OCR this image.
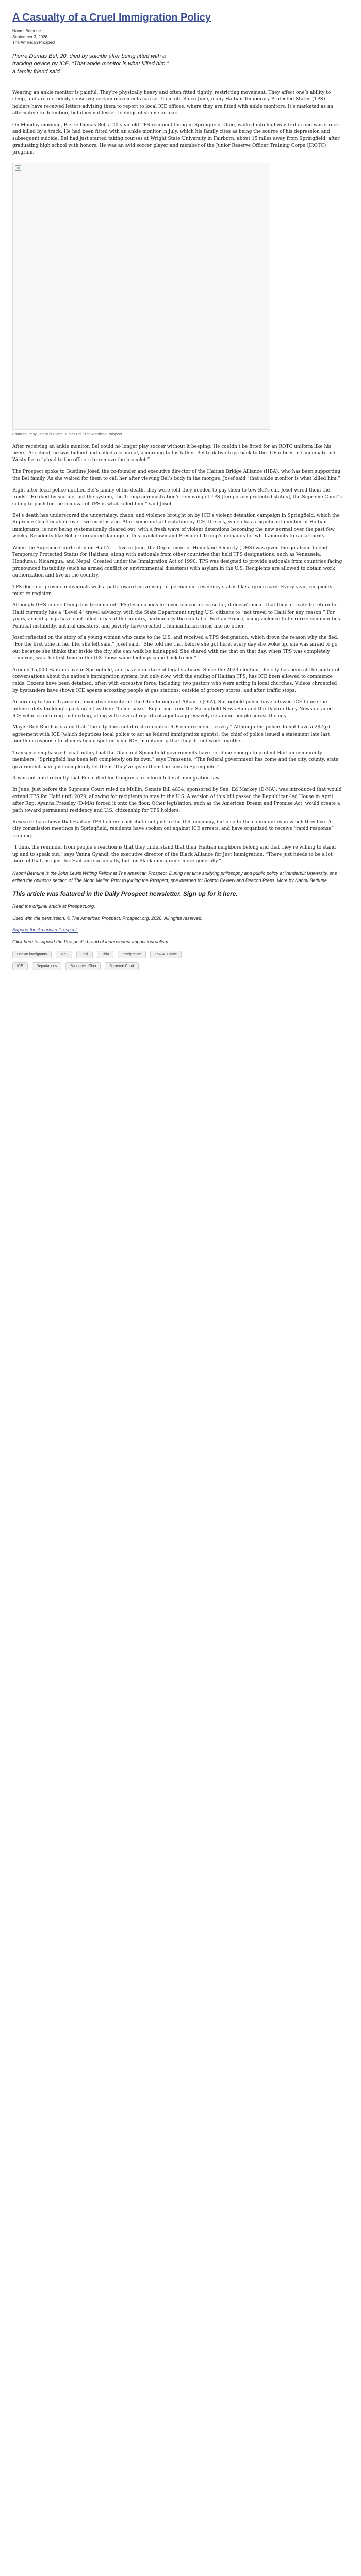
A Casualty of a Cruel Immigration Policy
Naomi Bethune
September 3, 2026
The American Prospect
Pierre Dumas Bel, 20, died by suicide after being fitted with a tracking device by ICE. “That ankle monitor is what killed him,” a family friend said.

Wearing an ankle monitor is painful. They’re physically heavy and often fitted tightly, restricting movement. They affect one’s ability to sleep, and are incredibly sensitive; certain movements can set them off. Since June, many Haitian Temporary Protected Status (TPS) holders have received letters advising them to report to local ICE offices, where they are fitted with ankle monitors. It’s marketed as an alternative to detention, but does not lessen feelings of shame or fear.

On Monday morning, Pierre Dumas Bel, a 20-year-old TPS recipient living in Springfield, Ohio, walked into highway traffic and was struck and killed by a truck. He had been fitted with an ankle monitor in July, which his family cites as being the source of his depression and subsequent suicide. Bel had just started taking courses at Wright State University in Fairborn, about 15 miles away from Springfield, after graduating high school with honors. He was an avid soccer player and member of the Junior Reserve Officer Training Corps (JROTC) program.

Photo courtesy Family of Pierre Dumas Bel / The American Prospect

After receiving an ankle monitor, Bel could no longer play soccer without it beeping. He couldn’t be fitted for an ROTC uniform like his peers. At school, he was bullied and called a criminal, according to his father. Bel took two trips back to the ICE offices in Cincinnati and Westville to “plead to the officers to remove the bracelet.”

The Prospect spoke to Gustline Josef, the co-founder and executive director of the Haitian Bridge Alliance (HBA), who has been supporting the Bel family. As she waited for them to call her after viewing Bel’s body in the morgue, Josef said “that ankle monitor is what killed him.”

Right after local police notified Bel’s family of his death, they were told they needed to pay them to tow Bel’s car. Josef wired them the funds. “He died by suicide, but the system, the Trump administration’s removing of TPS [temporary protected status], the Supreme Court’s siding to push for the removal of TPS is what killed him,” said Josef.

Bel’s death has underscored the uncertainty, chaos, and violence brought on by ICE’s violent detention campaign in Springfield, which the Supreme Court enabled over two months ago. After some initial hesitation by ICE, the city, which has a significant number of Haitian immigrants, is now being systematically cleared out, with a fresh wave of violent detentions becoming the new normal over the past few weeks. Residents like Bel are ordained damage in this crackdown and President Trump’s demands for what amounts to racial purity.

When the Supreme Court ruled on Haiti’s — five in June, the Department of Homeland Security (DHS) was given the go-ahead to end Temporary Protected Status for Haitians, along with nationals from other countries that held TPS designations, such as Venezuela, Honduras, Nicaragua, and Nepal. Created under the Immigration Act of 1990, TPS was designed to provide nationals from countries facing pronounced instability (such as armed conflict or environmental disasters) with asylum in the U.S. Recipients are allowed to obtain work authorization and live in the country.

TPS does not provide individuals with a path toward citizenship or permanent residency status like a green card. Every year, recipients must re-register.

Although DHS under Trump has terminated TPS designations for over ten countries so far, it doesn’t mean that they are safe to return to. Haiti currently has a “Level 4” travel advisory, with the State Department urging U.S. citizens to “not travel to Haiti for any reason.” For years, armed gangs have controlled areas of the country, particularly the capital of Port-au-Prince, using violence to terrorize communities. Political instability, natural disasters, and poverty have created a humanitarian crisis like no other.

Josef reflected on the story of a young woman who came to the U.S. and received a TPS designation, which drove the reason why she fled. “For the first time in her life, she felt safe,” Josef said. “She told me that before she got here, every day she woke up, she was afraid to go out because she thinks that inside the city she can walk be kidnapped. She shared with me that on that day, when TPS was completely removed, was the first time in the U.S. those same feelings came back to her.”

Around 15,000 Haitians live in Springfield, and have a mixture of legal statuses. Since the 2024 election, the city has been at the center of conversations about the nation’s immigration system, but only now, with the ending of Haitian TPS, has ICE been allowed to commence raids. Dozens have been detained, often with excessive force, including two pastors who were acting in local churches. Videos chronicled by bystanders have shown ICE agents accosting people at gas stations, outside of grocery stores, and after traffic stops.

According to Lynn Transente, executive director of the Ohio Immigrant Alliance (OIA), Springfield police have allowed ICE to use the public safety building’s parking lot as their “home base.” Reporting from the Springfield News-Sun and the Dayton Daily News detailed ICE vehicles entering and exiting, along with several reports of agents aggressively detaining people across the city.

Mayor Rob Rue has stated that “the city does not direct or control ICE enforcement activity.” Although the police do not have a 287(g) agreement with ICE (which deputizes local police to act as federal immigration agents), the chief of police issued a statement late last month in response to officers being spotted near ICE, maintaining that they do not work together.

Transente emphasized local outcry that the Ohio and Springfield governments have not done enough to protect Haitian community members. “Springfield has been left completely on its own,” says Transente. “The federal government has come and the city, county, state government have just completely let them. They’ve given them the keys to Springfield.”

It was not until recently that Rue called for Congress to reform federal immigration law.

In June, just before the Supreme Court ruled on Mullin, Senate Bill 4834, sponsored by Sen. Ed Markey (D-MA), was introduced that would extend TPS for Haiti until 2029, allowing for recipients to stay in the U.S. A version of this bill passed the Republican-led House in April after Rep. Ayanna Pressley (D-MA) forced it onto the floor. Other legislation, such as the American Dream and Promise Act, would create a path toward permanent residency and U.S. citizenship for TPS holders.

Research has shown that Haitian TPS holders contribute not just to the U.S. economy, but also to the communities in which they live. At city commission meetings in Springfield, residents have spoken out against ICE arrests, and have organized to receive “rapid response” training.

“I think the reminder from people’s reaction is that they understand that their Haitian neighbors belong and that they’re willing to stand up and to speak out,” says Vanna Gyandi, the executive director of the Black Alliance for Just Immigration. “There just needs to be a lot more of that, not just for Haitians specifically, but for Black immigrants more generally.”

Naomi Bethune is the John Lewis Writing Fellow at The American Prospect. During her time studying philosophy and public policy at Vanderbilt University, she edited the opinions section of The Moon Mailer. Prior to joining the Prospect, she interned for Boston Review and Beacon Press. More by Naomi Bethune

This article was featured in the Daily Prospect newsletter. Sign up for it here.

Read the original article at Prospect.org.

Used with the permission. © The American Prospect, Prospect.org, 2026. All rights reserved.

Support the American Prospect.

Click here to support the Prospect’s brand of independent impact journalism.

Haitian immigrants	TPS	Haiti	Ohio	Immigration	Law & Justice
ICE	Deportations	Springfield Ohio	Supreme Court
